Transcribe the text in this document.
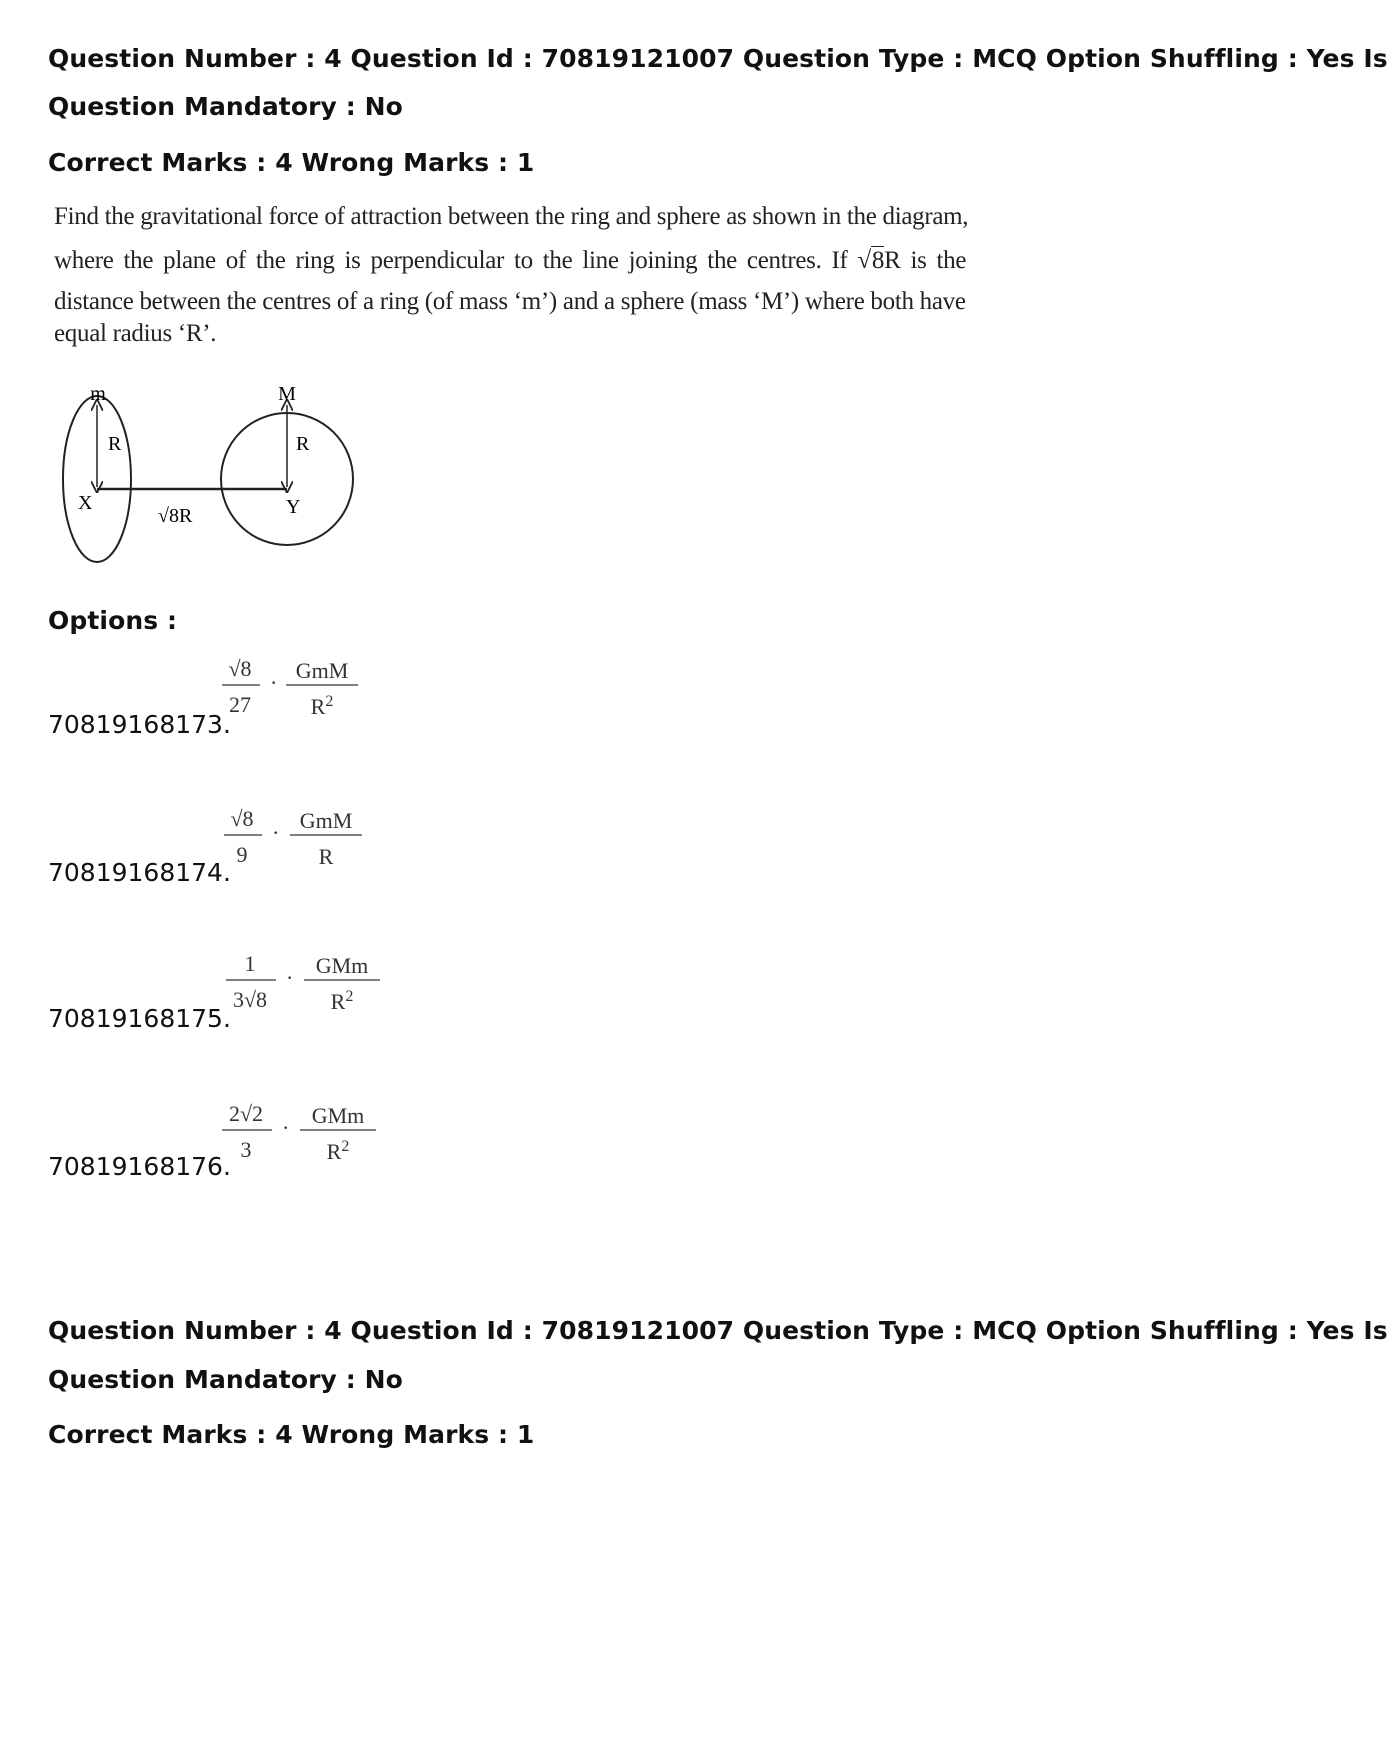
Question Number : 4 Question Id : 70819121007 Question Type : MCQ Option Shuffling : Yes Is
Question Mandatory : No
Correct Marks : 4 Wrong Marks : 1
Find the gravitational force of attraction between the ring and sphere as shown in the diagram,
where the plane of the ring is perpendicular to the line joining the centres. If √8R is the
distance between the centres of a ring (of mass ‘m’) and a sphere (mass ‘M’) where both have
equal radius ‘R’.
m	M
R	R
X	Y
√8R
Options :
70819168173.
√8
27
· GmM
$R^2$
70819168174.
√8
9
· GmM
R
70819168175.
1
3√8
· GMm
$R^2$
70819168176.
2√2
3
· GMm
$R^2$
Question Number : 4 Question Id : 70819121007 Question Type : MCQ Option Shuffling : Yes Is
Question Mandatory : No
Correct Marks : 4 Wrong Marks : 1
